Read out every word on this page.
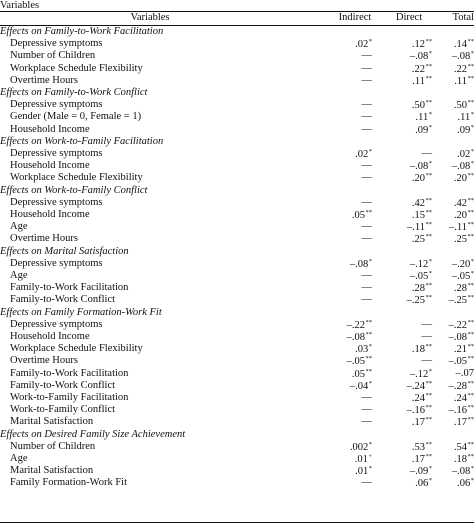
Variables
Variables	Indirect	Direct	Total
Effects on Family-to-Work Facilitation
Depressive symptoms	.02*	.12**	.14**
Number of Children	—	–.08*	–.08*
Workplace Schedule Flexibility	—	.22**	.22**
Overtime Hours	—	.11**	.11**
Effects on Family-to-Work Conflict
Depressive symptoms	—	.50**	.50**
Gender (Male = 0, Female = 1)	—	.11*	.11*
Household Income	—	.09*	.09*
Effects on Work-to-Family Facilitation
Depressive symptoms	.02*	—	.02*
Household Income	—	–.08*	–.08*
Workplace Schedule Flexibility	—	.20**	.20**
Effects on Work-to-Family Conflict
Depressive symptoms	—	.42**	.42**
Household Income	.05**	.15**	.20**
Age	—	–.11**	–.11**
Overtime Hours	—	.25**	.25**
Effects on Marital Satisfaction
Depressive symptoms	–.08*	–.12*	–.20*
Age	—	–.05*	–.05*
Family-to-Work Facilitation	—	.28**	.28**
Family-to-Work Conflict	—	–.25**	–.25**
Effects on Family Formation-Work Fit
Depressive symptoms	–.22**	—	–.22**
Household Income	–.08**	—	–.08**
Workplace Schedule Flexibility	.03*	.18**	.21**
Overtime Hours	–.05**	—	–.05**
Family-to-Work Facilitation	.05**	–.12*	–.07
Family-to-Work Conflict	–.04*	–.24**	–.28**
Work-to-Family Facilitation	—	.24**	.24**
Work-to-Family Conflict	—	–.16**	–.16**
Marital Satisfaction	—	.17**	.17**
Effects on Desired Family Size Achievement
Number of Children	.002*	.53**	.54**
Age	.01+	.17**	.18**
Marital Satisfaction	.01*	–.09*	–.08*
Family Formation-Work Fit	—	.06*	.06*
